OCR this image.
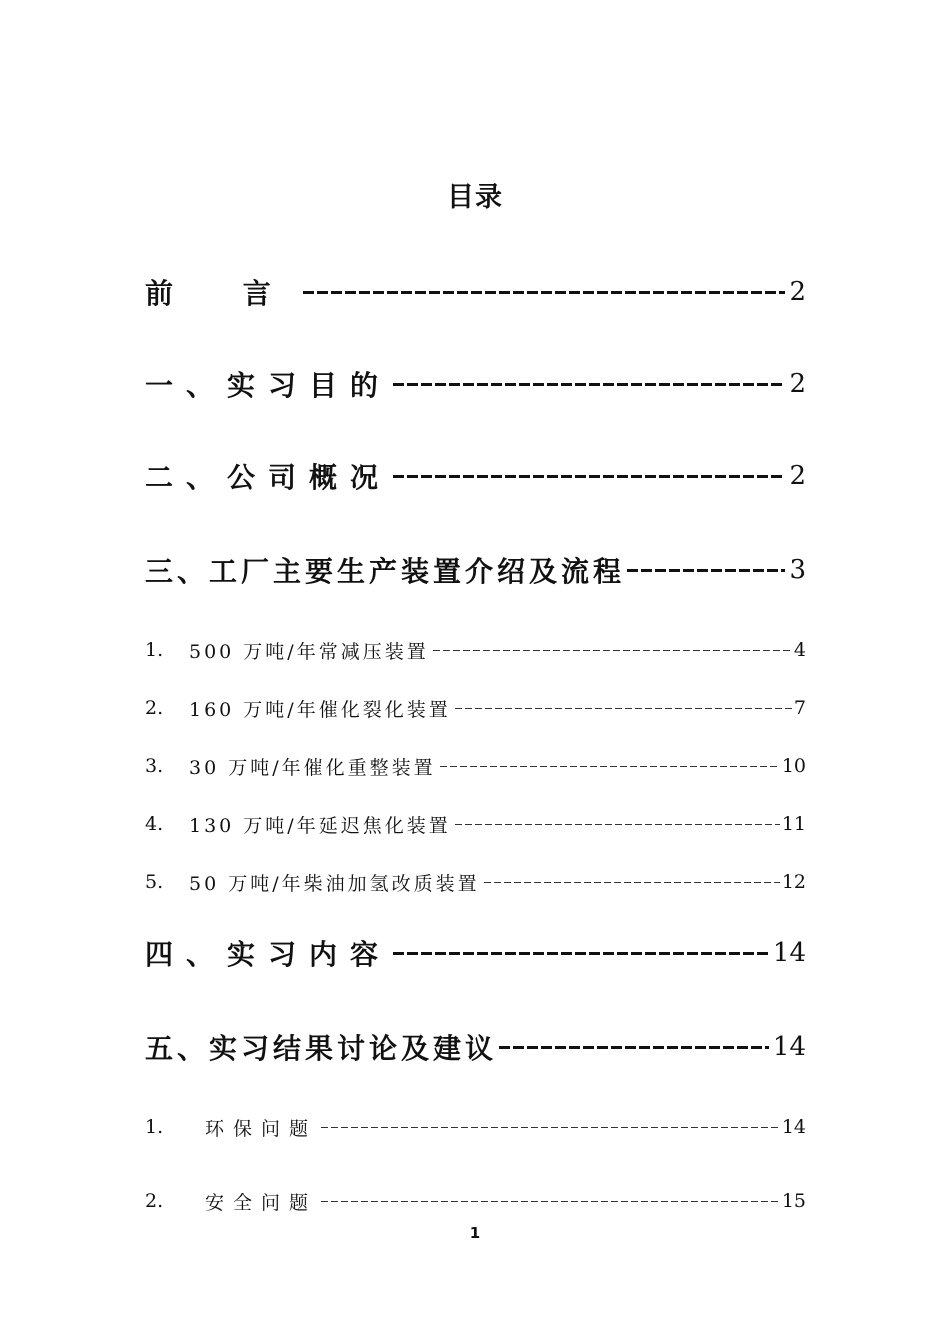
目录
前 言	2
一、实习目的	2
二、公司概况	2
三、工厂主要生产装置介绍及流程	3
1.	500 万吨/年常减压装置	4
2.	160 万吨/年催化裂化装置	7
3.	30 万吨/年催化重整装置	10
4.	130 万吨/年延迟焦化装置	11
5.	50 万吨/年柴油加氢改质装置	12
四、实习内容	14
五、实习结果讨论及建议	14
1. 环保问题	14
2. 安全问题	15
1
